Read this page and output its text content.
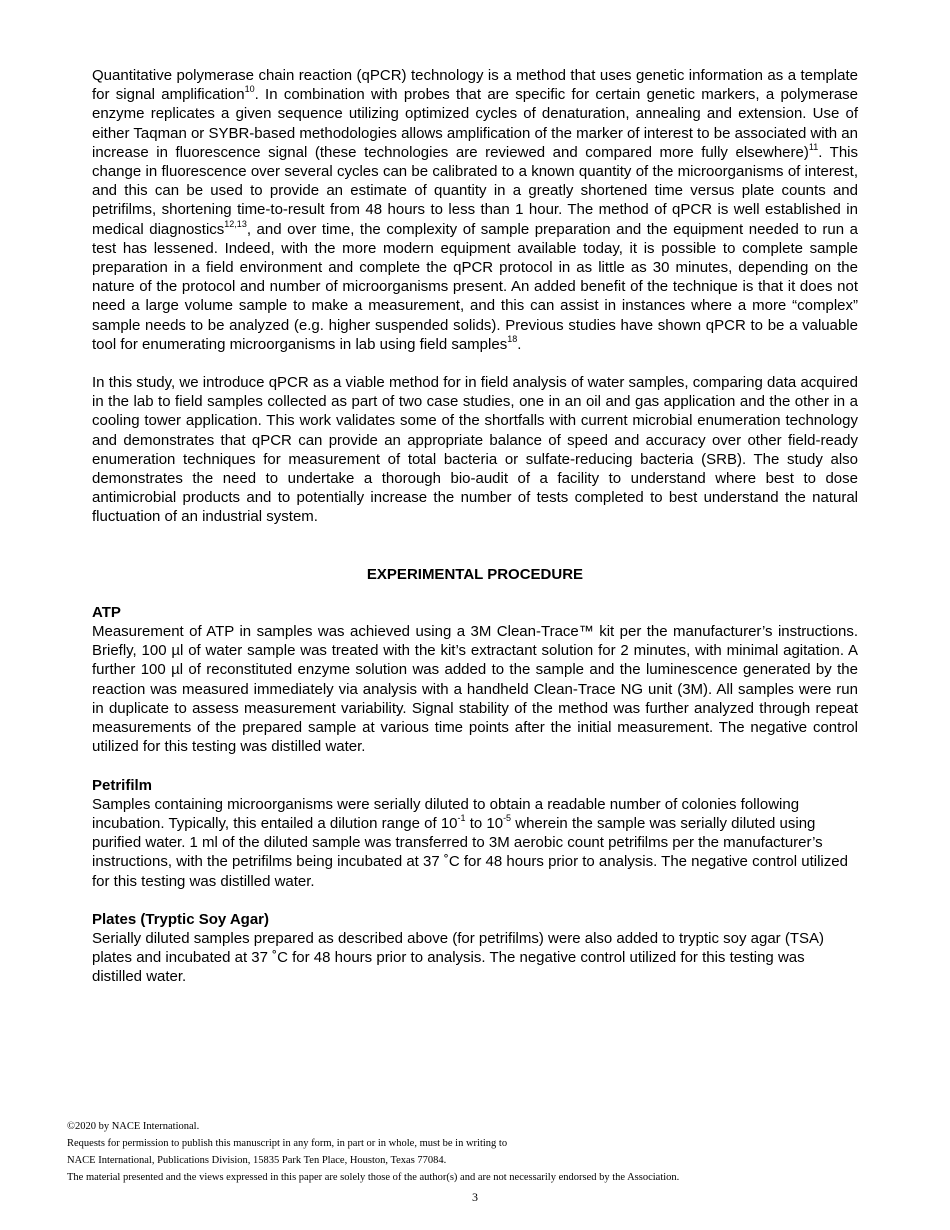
Quantitative polymerase chain reaction (qPCR) technology is a method that uses genetic information as a template for signal amplification$^{10}$. In combination with probes that are specific for certain genetic markers, a polymerase enzyme replicates a given sequence utilizing optimized cycles of denaturation, annealing and extension. Use of either Taqman or SYBR-based methodologies allows amplification of the marker of interest to be associated with an increase in fluorescence signal (these technologies are reviewed and compared more fully elsewhere)$^{11}$. This change in fluorescence over several cycles can be calibrated to a known quantity of the microorganisms of interest, and this can be used to provide an estimate of quantity in a greatly shortened time versus plate counts and petrifilms, shortening time-to-result from 48 hours to less than 1 hour. The method of qPCR is well established in medical diagnostics$^{12,13}$, and over time, the complexity of sample preparation and the equipment needed to run a test has lessened. Indeed, with the more modern equipment available today, it is possible to complete sample preparation in a field environment and complete the qPCR protocol in as little as 30 minutes, depending on the nature of the protocol and number of microorganisms present. An added benefit of the technique is that it does not need a large volume sample to make a measurement, and this can assist in instances where a more “complex” sample needs to be analyzed (e.g. higher suspended solids). Previous studies have shown qPCR to be a valuable tool for enumerating microorganisms in lab using field samples$^{18}$.

In this study, we introduce qPCR as a viable method for in field analysis of water samples, comparing data acquired in the lab to field samples collected as part of two case studies, one in an oil and gas application and the other in a cooling tower application. This work validates some of the shortfalls with current microbial enumeration technology and demonstrates that qPCR can provide an appropriate balance of speed and accuracy over other field-ready enumeration techniques for measurement of total bacteria or sulfate-reducing bacteria (SRB). The study also demonstrates the need to undertake a thorough bio-audit of a facility to understand where best to dose antimicrobial products and to potentially increase the number of tests completed to best understand the natural fluctuation of an industrial system.

EXPERIMENTAL PROCEDURE

ATP

Measurement of ATP in samples was achieved using a 3M Clean-Trace™ kit per the manufacturer’s instructions. Briefly, 100 µl of water sample was treated with the kit’s extractant solution for 2 minutes, with minimal agitation. A further 100 µl of reconstituted enzyme solution was added to the sample and the luminescence generated by the reaction was measured immediately via analysis with a handheld Clean-Trace NG unit (3M). All samples were run in duplicate to assess measurement variability. Signal stability of the method was further analyzed through repeat measurements of the prepared sample at various time points after the initial measurement. The negative control utilized for this testing was distilled water.

Petrifilm

Samples containing microorganisms were serially diluted to obtain a readable number of colonies following incubation. Typically, this entailed a dilution range of $10^{-1}$ to $10^{-5}$ wherein the sample was serially diluted using purified water. 1 ml of the diluted sample was transferred to 3M aerobic count petrifilms per the manufacturer’s instructions, with the petrifilms being incubated at 37 ˚C for 48 hours prior to analysis. The negative control utilized for this testing was distilled water.

Plates (Tryptic Soy Agar)

Serially diluted samples prepared as described above (for petrifilms) were also added to tryptic soy agar (TSA) plates and incubated at 37 ˚C for 48 hours prior to analysis. The negative control utilized for this testing was distilled water.

©2020 by NACE International.

Requests for permission to publish this manuscript in any form, in part or in whole, must be in writing to

NACE International, Publications Division, 15835 Park Ten Place, Houston, Texas 77084.

The material presented and the views expressed in this paper are solely those of the author(s) and are not necessarily endorsed by the Association.

3
